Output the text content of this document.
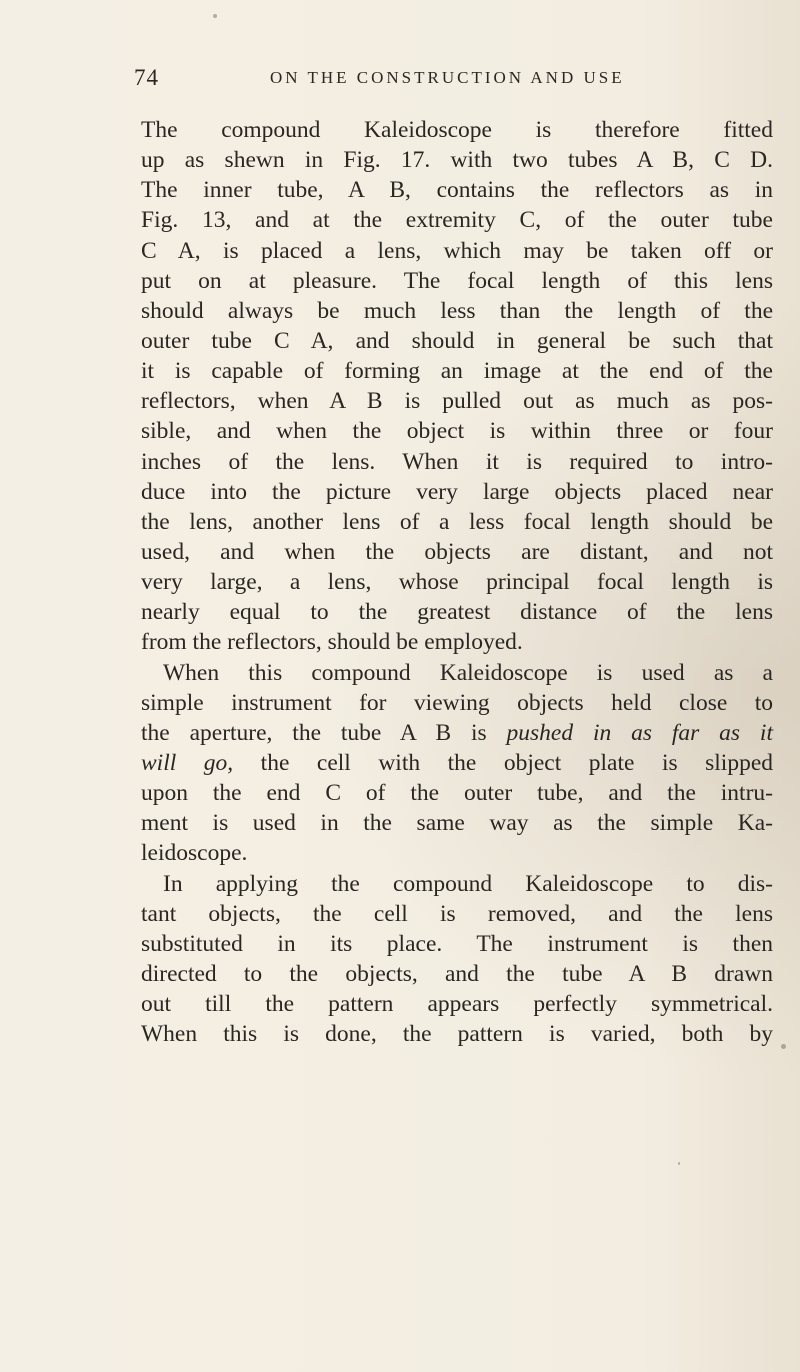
74	ON THE CONSTRUCTION AND USE
The compound Kaleidoscope is therefore fitted
up as shewn in Fig. 17. with two tubes A B, C D.
The inner tube, A B, contains the reflectors as in
Fig. 13, and at the extremity C, of the outer tube
C A, is placed a lens, which may be taken off or
put on at pleasure. The focal length of this lens
should always be much less than the length of the
outer tube C A, and should in general be such that
it is capable of forming an image at the end of the
reflectors, when A B is pulled out as much as pos-
sible, and when the object is within three or four
inches of the lens. When it is required to intro-
duce into the picture very large objects placed near
the lens, another lens of a less focal length should be
used, and when the objects are distant, and not
very large, a lens, whose principal focal length is
nearly equal to the greatest distance of the lens
from the reflectors, should be employed.
When this compound Kaleidoscope is used as a
simple instrument for viewing objects held close to
the aperture, the tube A B is pushed in as far as it
will go, the cell with the object plate is slipped
upon the end C of the outer tube, and the intru-
ment is used in the same way as the simple Ka-
leidoscope.
In applying the compound Kaleidoscope to dis-
tant objects, the cell is removed, and the lens
substituted in its place. The instrument is then
directed to the objects, and the tube A B drawn
out till the pattern appears perfectly symmetrical.
When this is done, the pattern is varied, both by
